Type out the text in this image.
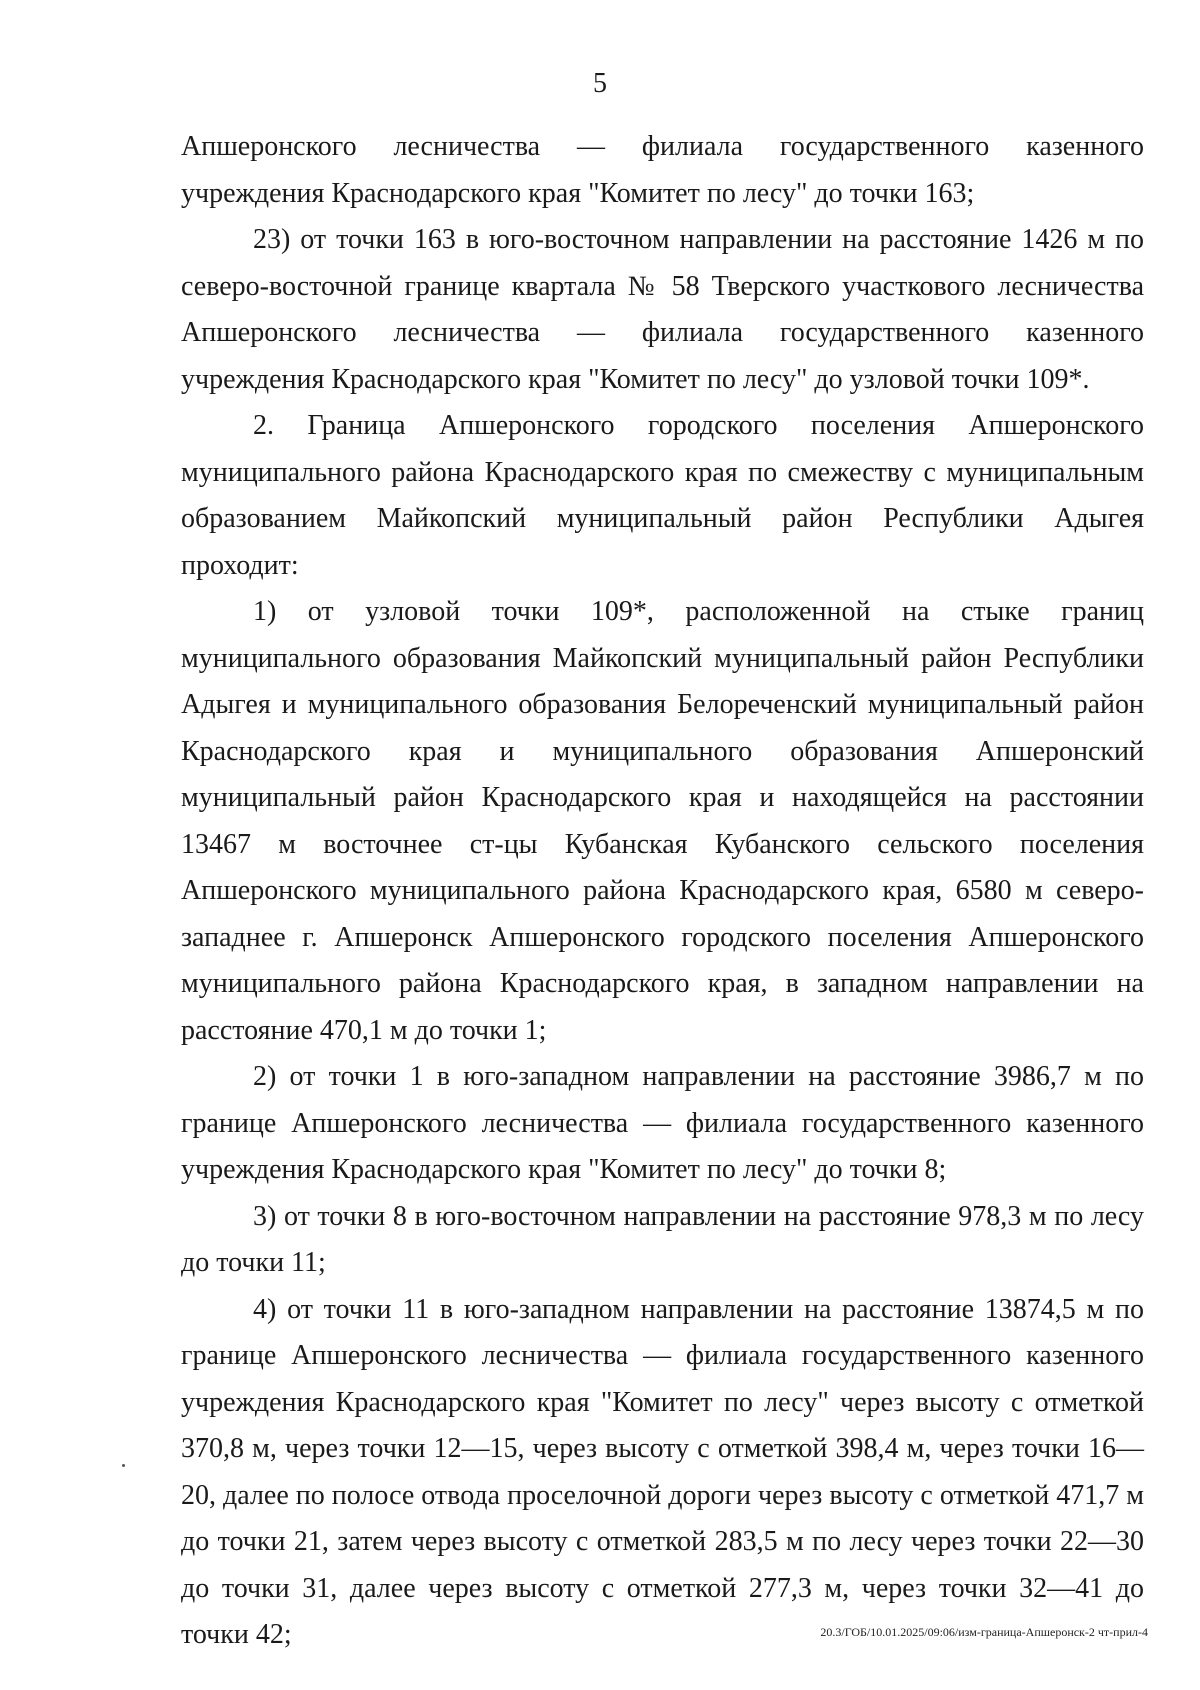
5

Апшеронского лесничества — филиала государственного казенного учреждения Краснодарского края "Комитет по лесу" до точки 163;

23) от точки 163 в юго-восточном направлении на расстояние 1426 м по северо-восточной границе квартала № 58 Тверского участкового лесничества Апшеронского лесничества — филиала государственного казенного учреждения Краснодарского края "Комитет по лесу" до узловой точки 109*.

2. Граница Апшеронского городского поселения Апшеронского муниципального района Краснодарского края по смежеству с муниципальным образованием Майкопский муниципальный район Республики Адыгея проходит:

1) от узловой точки 109*, расположенной на стыке границ муниципального образования Майкопский муниципальный район Республики Адыгея и муниципального образования Белореченский муниципальный район Краснодарского края и муниципального образования Апшеронский муниципальный район Краснодарского края и находящейся на расстоянии 13467 м восточнее ст-цы Кубанская Кубанского сельского поселения Апшеронского муниципального района Краснодарского края, 6580 м северо-западнее г. Апшеронск Апшеронского городского поселения Апшеронского муниципального района Краснодарского края, в западном направлении на расстояние 470,1 м до точки 1;

2) от точки 1 в юго-западном направлении на расстояние 3986,7 м по границе Апшеронского лесничества — филиала государственного казенного учреждения Краснодарского края "Комитет по лесу" до точки 8;

3) от точки 8 в юго-восточном направлении на расстояние 978,3 м по лесу до точки 11;

4) от точки 11 в юго-западном направлении на расстояние 13874,5 м по границе Апшеронского лесничества — филиала государственного казенного учреждения Краснодарского края "Комитет по лесу" через высоту с отметкой 370,8 м, через точки 12—15, через высоту с отметкой 398,4 м, через точки 16—20, далее по полосе отвода проселочной дороги через высоту с отметкой 471,7 м до точки 21, затем через высоту с отметкой 283,5 м по лесу через точки 22—30 до точки 31, далее через высоту с отметкой 277,3 м, через точки 32—41 до точки 42;	20.3/ГОБ/10.01.2025/09:06/изм-граница-Апшеронск-2 чт-прил-4
